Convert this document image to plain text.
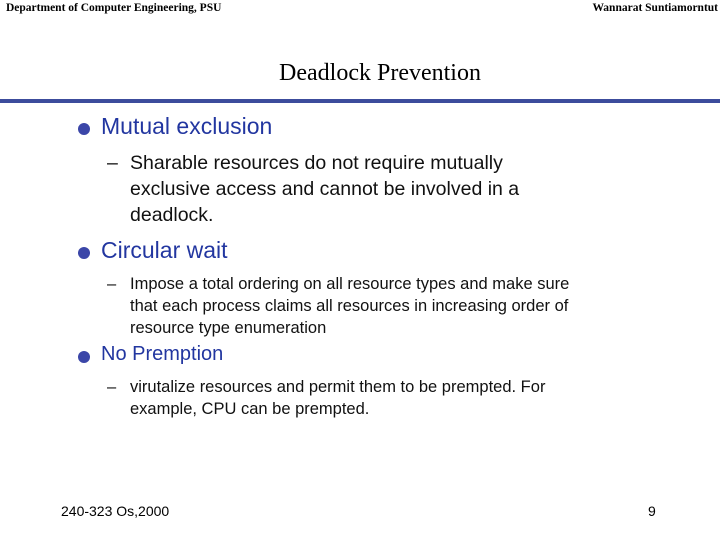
Department of Computer Engineering, PSU	Wannarat Suntiamorntut
Deadlock Prevention
Mutual exclusion
– Sharable resources do not require mutually
exclusive access and cannot be involved in a
deadlock.
Circular wait
– Impose a total ordering on all resource types and make sure
that each process claims all resources in increasing order of
resource type enumeration
No Premption
– virutalize resources and permit them to be prempted. For
example, CPU can be prempted.
240-323 Os,2000	9
